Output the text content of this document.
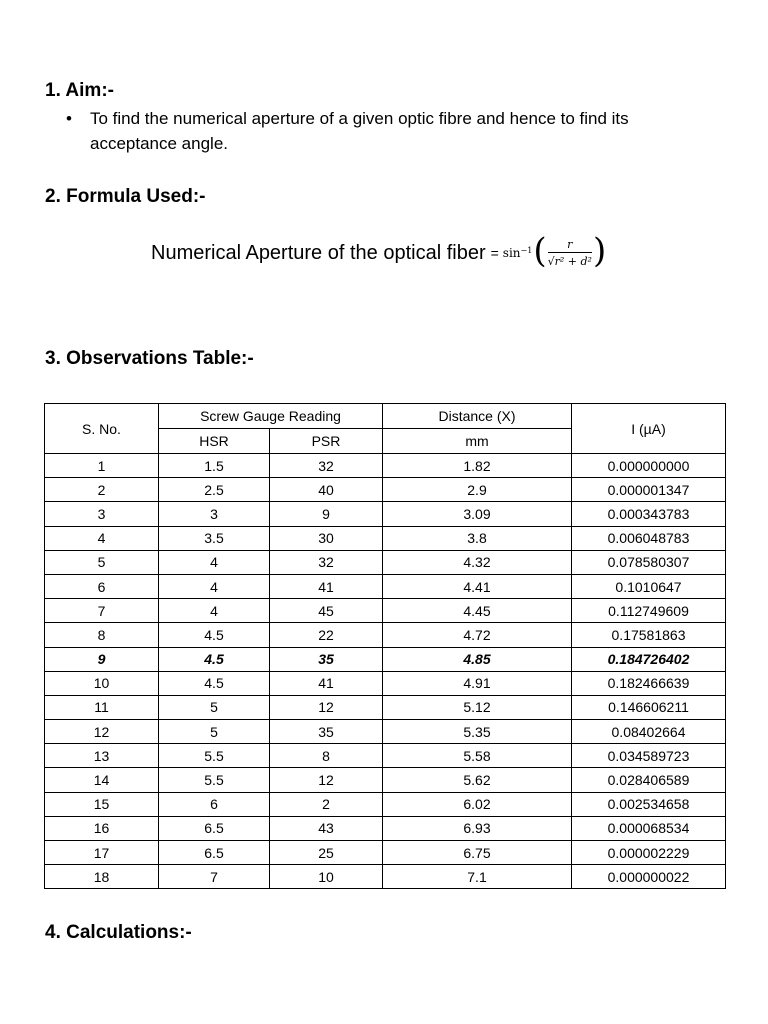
1. Aim:-
•	To find the numerical aperture of a given optic fibre and hence to find its acceptance angle.
2. Formula Used:-
Numerical Aperture of the optical fiber = $\sin^{-1}$ ( $\frac{r}{\text{√r² + d²}}$ )
3. Observations Table:-
S. No.	Screw Gauge Reading		Distance (X)	I (µA)
	HSR	PSR	mm	
1	1.5	32	1.82	0.000000000
2	2.5	40	2.9	0.000001347
3	3	9	3.09	0.000343783
4	3.5	30	3.8	0.006048783
5	4	32	4.32	0.078580307
6	4	41	4.41	0.1010647
7	4	45	4.45	0.112749609
8	4.5	22	4.72	0.17581863
9	4.5	35	4.85	0.184726402
10	4.5	41	4.91	0.182466639
11	5	12	5.12	0.146606211
12	5	35	5.35	0.08402664
13	5.5	8	5.58	0.034589723
14	5.5	12	5.62	0.028406589
15	6	2	6.02	0.002534658
16	6.5	43	6.93	0.000068534
17	6.5	25	6.75	0.000002229
18	7	10	7.1	0.000000022
4. Calculations:-
